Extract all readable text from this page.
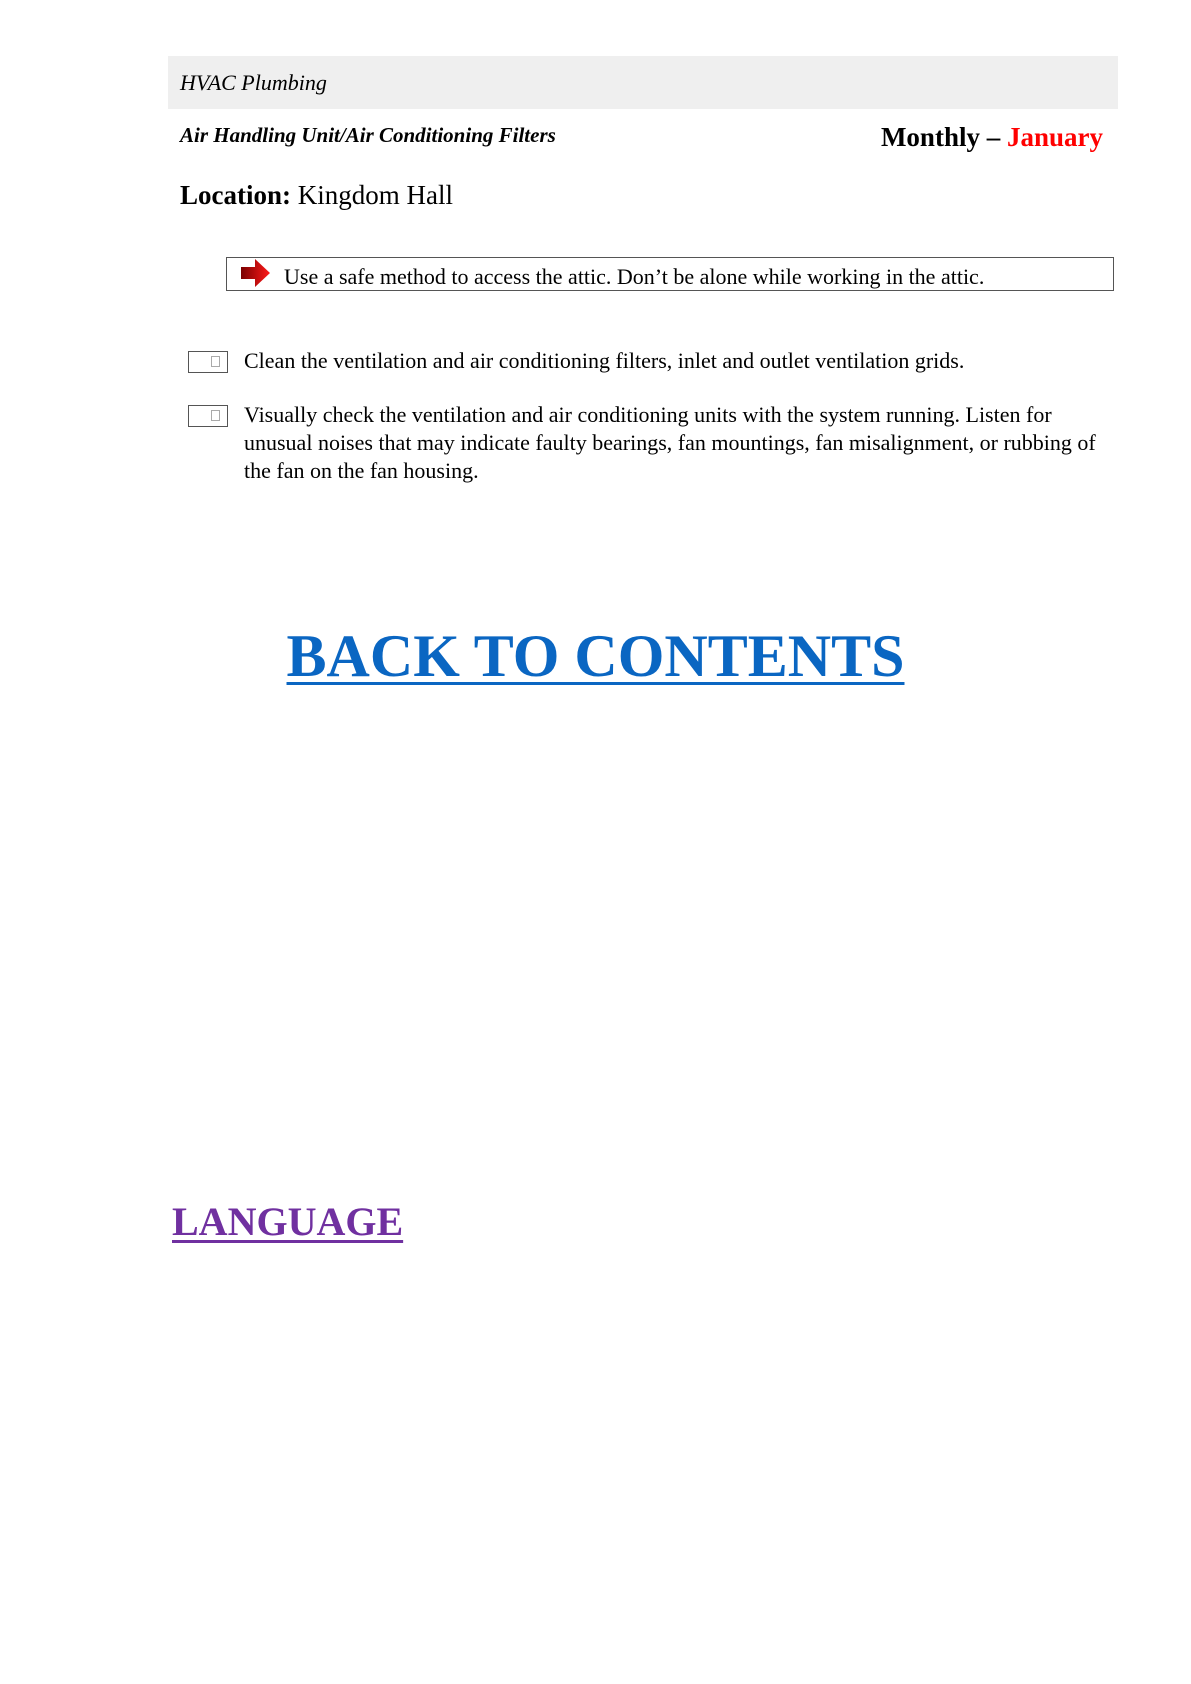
HVAC Plumbing
Air Handling Unit/Air Conditioning Filters	Monthly – January
Location: Kingdom Hall
Use a safe method to access the attic. Don’t be alone while working in the attic.
Clean the ventilation and air conditioning filters, inlet and outlet ventilation grids.
Visually check the ventilation and air conditioning units with the system running. Listen for unusual noises that may indicate faulty bearings, fan mountings, fan misalignment, or rubbing of the fan on the fan housing.
BACK TO CONTENTS
LANGUAGE
